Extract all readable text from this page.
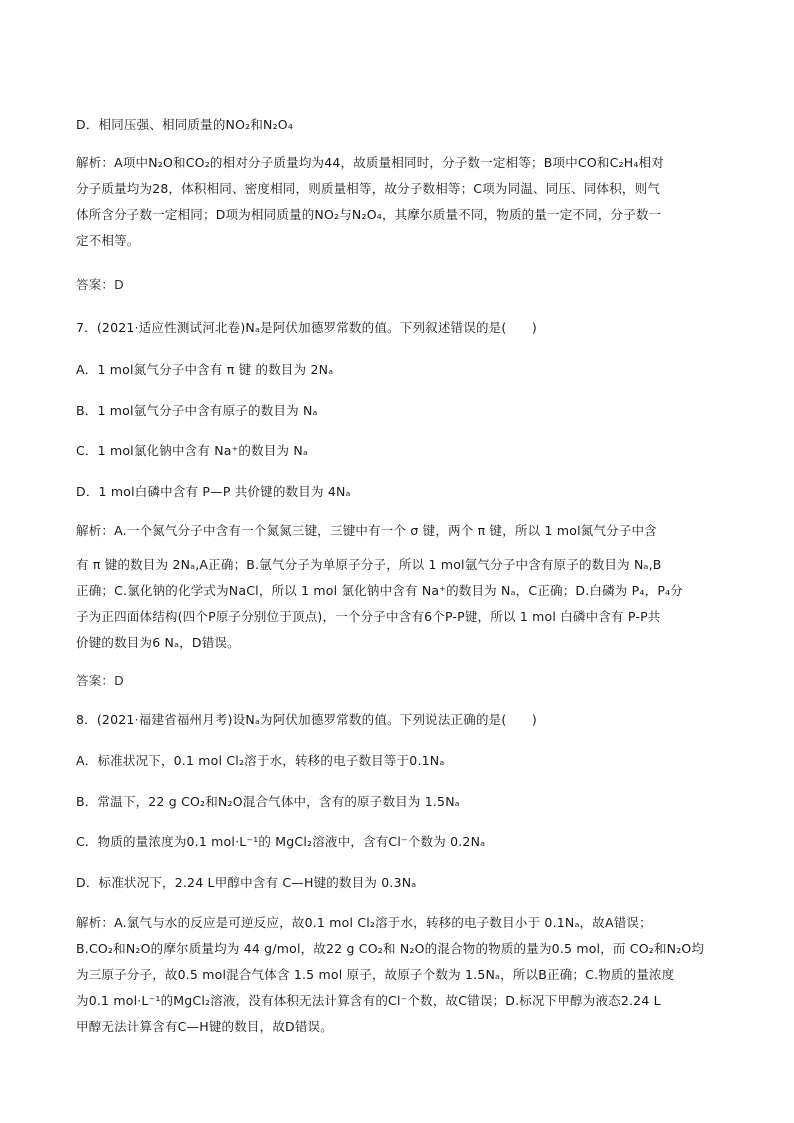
D．相同压强、相同质量的NO₂和N₂O₄
解析：A项中N₂O和CO₂的相对分子质量均为44，故质量相同时，分子数一定相等；B项中CO和C₂H₄相对
分子质量均为28，体积相同、密度相同，则质量相等，故分子数相等；C项为同温、同压、同体积，则气
体所含分子数一定相同；D项为相同质量的NO₂与N₂O₄，其摩尔质量不同，物质的量一定不同，分子数一
定不相等。
答案：D
7．(2021·适应性测试河北卷)Nₐ是阿伏加德罗常数的值。下列叙述错误的是(　　)
A．1 mol氮气分子中含有 π 键 的数目为 2Nₐ
B．1 mol氩气分子中含有原子的数目为 Nₐ
C．1 mol氯化钠中含有 Na⁺的数目为 Nₐ
D．1 mol白磷中含有 P—P 共价键的数目为 4Nₐ
解析：A.一个氮气分子中含有一个氮氮三键，三键中有一个 σ 键，两个 π 键，所以 1 mol氮气分子中含
有 π 键的数目为 2Nₐ,A正确；B.氩气分子为单原子分子，所以 1 mol氩气分子中含有原子的数目为 Nₐ,B
正确；C.氯化钠的化学式为NaCl，所以 1 mol 氯化钠中含有 Na⁺的数目为 Nₐ，C正确；D.白磷为 P₄，P₄分
子为正四面体结构(四个P原子分别位于顶点)，一个分子中含有6个P-P键，所以 1 mol 白磷中含有 P-P共
价键的数目为6 Nₐ，D错误。
答案：D
8．(2021·福建省福州月考)设Nₐ为阿伏加德罗常数的值。下列说法正确的是(　　)
A．标准状况下，0.1 mol Cl₂溶于水，转移的电子数目等于0.1Nₐ
B．常温下，22 g CO₂和N₂O混合气体中，含有的原子数目为 1.5Nₐ
C．物质的量浓度为0.1 mol·L⁻¹的 MgCl₂溶液中，含有Cl⁻个数为 0.2Nₐ
D．标准状况下，2.24 L甲醇中含有 C—H键的数目为 0.3Nₐ
解析：A.氯气与水的反应是可逆反应，故0.1 mol Cl₂溶于水，转移的电子数目小于 0.1Nₐ，故A错误；
B.CO₂和N₂O的摩尔质量均为 44 g/mol，故22 g CO₂和 N₂O的混合物的物质的量为0.5 mol，而 CO₂和N₂O均
为三原子分子，故0.5 mol混合气体含 1.5 mol 原子，故原子个数为 1.5Nₐ，所以B正确；C.物质的量浓度
为0.1 mol·L⁻¹的MgCl₂溶液，没有体积无法计算含有的Cl⁻个数，故C错误；D.标况下甲醇为液态2.24 L
甲醇无法计算含有C—H键的数目，故D错误。
